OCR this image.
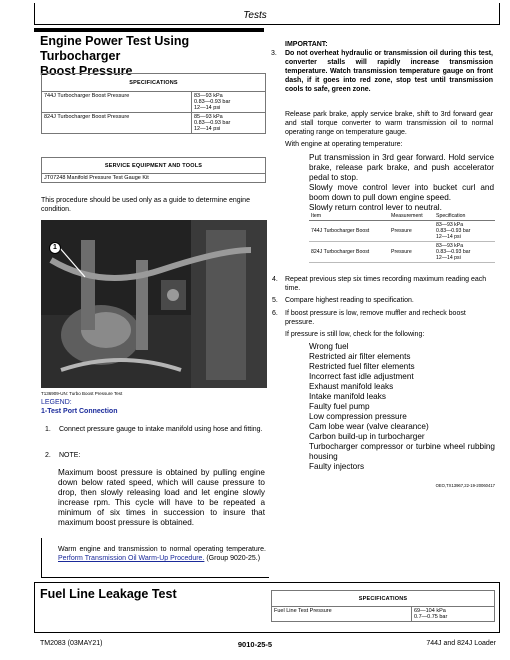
Tests
Engine Power Test Using Turbocharger
Boost Pressure
SPECIFICATIONS	
744J Turbocharger Boost Pressure	83—93 kPa
0.83—0.93 bar
12—14 psi

824J Turbocharger Boost Pressure	85—93 kPa
0.83—0.93 bar
12—14 psi
SERVICE EQUIPMENT AND TOOLS
JT07248 Manifold Pressure Test Gauge Kit
This procedure should be used only as a guide to determine engine condition.
1
T136909-UN: Turbo Boost Pressure Test
LEGEND:
1-Test Port Connection
1.	Connect pressure gauge to intake manifold using hose and fitting.
2.	NOTE:
Maximum boost pressure is obtained by pulling engine down below rated speed, which will cause pressure to drop, then slowly releasing load and let engine slowly increase rpm. This cycle will have to be repeated a minimum of six times in succession to insure that maximum boost pressure is obtained.
Warm engine and transmission to normal operating temperature. Perform Transmission Oil Warm-Up Procedure. (Group 9020-25.)
IMPORTANT:
3. Do not overheat hydraulic or transmission oil during this test, converter stalls will rapidly increase transmission temperature. Watch transmission temperature gauge on front dash, if it goes into red zone, stop test until transmission cools to safe, green zone.
Release park brake, apply service brake, shift to 3rd forward gear and stall torque converter to warm transmission oil to normal operating range on temperature gauge.
With engine at operating temperature:
Put transmission in 3rd gear forward. Hold service brake, release park brake, and push accelerator pedal to stop.
Slowly move control lever into bucket curl and boom down to pull down engine speed.
Slowly return control lever to neutral.
Item	Measurement	Specification
744J Turbocharger Boost	Pressure	83—93 kPa
0.83—0.93 bar
12—14 psi

824J Turbocharger Boost	Pressure	83—93 kPa
0.83—0.93 bar
12—14 psi
4.	Repeat previous step six times recording maximum reading each time.
5.	Compare highest reading to specification.
6.	If boost pressure is low, remove muffler and recheck boost pressure.
If pressure is still low, check for the following:
Wrong fuel
Restricted air filter elements
Restricted fuel filter elements
Incorrect fast idle adjustment
Exhaust manifold leaks
Intake manifold leaks
Faulty fuel pump
Low compression pressure
Cam lobe wear (valve clearance)
Carbon build-up in turbocharger
Turbocharger compressor or turbine wheel rubbing housing
Faulty injectors
OEO,TX13967,22-19-20060417
Fuel Line Leakage Test	SPECIFICATIONS
Fuel Line Test Pressure	69—104 kPa
0.7—0.75 bar
TM2083 (03MAY21)	9010-25-5	744J and 824J Loader
